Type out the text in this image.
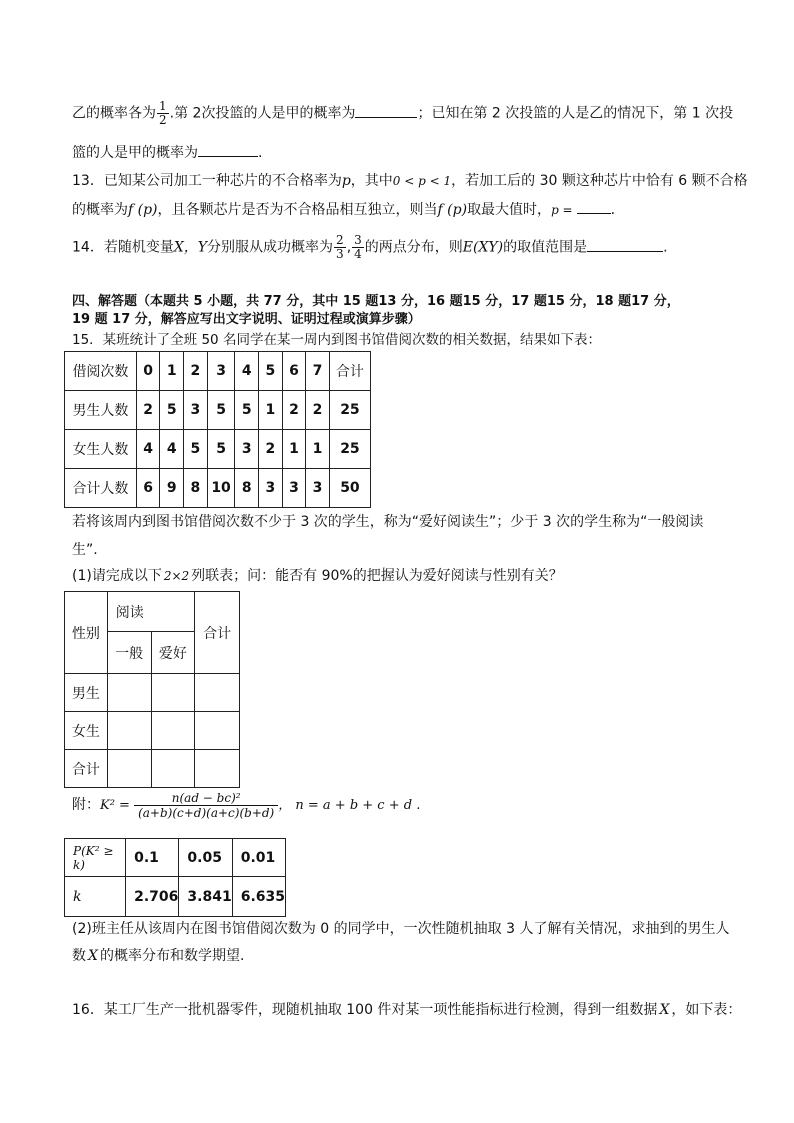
乙的概率各为 $\frac{1}{2}$ .第 2次投篮的人是甲的概率为	；已知在第 2 次投篮的人是乙的情况下，第 1 次投
篮的人是甲的概率为	.
13．已知某公司加工一种芯片的不合格率为p，其中0 < p < 1，若加工后的 30 颗这种芯片中恰有 6 颗不合格
的概率为f (p)，且各颗芯片是否为不合格品相互独立，则当f (p)取最大值时，p =	.
14．若随机变量X，Y分别服从成功概率为 $\frac{2}{3}$ , $\frac{3}{4}$ 的两点分布，则E(XY)的取值范围是	.
四、解答题（本题共 5 小题，共 77 分，其中 15 题13 分，16 题15 分，17 题15 分，18 题17 分，
19 题 17 分，解答应写出文字说明、证明过程或演算步骤）
15．某班统计了全班 50 名同学在某一周内到图书馆借阅次数的相关数据，结果如下表：
借阅次数	0	1	2	3	4	5	6	7	合计
男生人数	2	5	3	5	5	1	2	2	25
女生人数	4	4	5	5	3	2	1	1	25
合计人数	6	9	8	10	8	3	3	3	50
若将该周内到图书馆借阅次数不少于 3 次的学生，称为“爱好阅读生”；少于 3 次的学生称为“一般阅读
生”.
(1)请完成以下 2×2 列联表；问：能否有 90%的把握认为爱好阅读与性别有关？
性别	阅读		合计
	一般	爱好	
男生			
女生			
合计			
附：$K^2 = \frac{\text{n(ad − bc)²}}{(a+b)(c+d)(a+c)(b+d)}$ ， n = a + b + c + d .
P(K² ≥ k)	0.1	0.05	0.01
k	2.706	3.841	6.635
(2)班主任从该周内在图书馆借阅次数为 0 的同学中，一次性随机抽取 3 人了解有关情况，求抽到的男生人
数 X 的概率分布和数学期望.
16．某工厂生产一批机器零件，现随机抽取 100 件对某一项性能指标进行检测，得到一组数据 X ，如下表：
